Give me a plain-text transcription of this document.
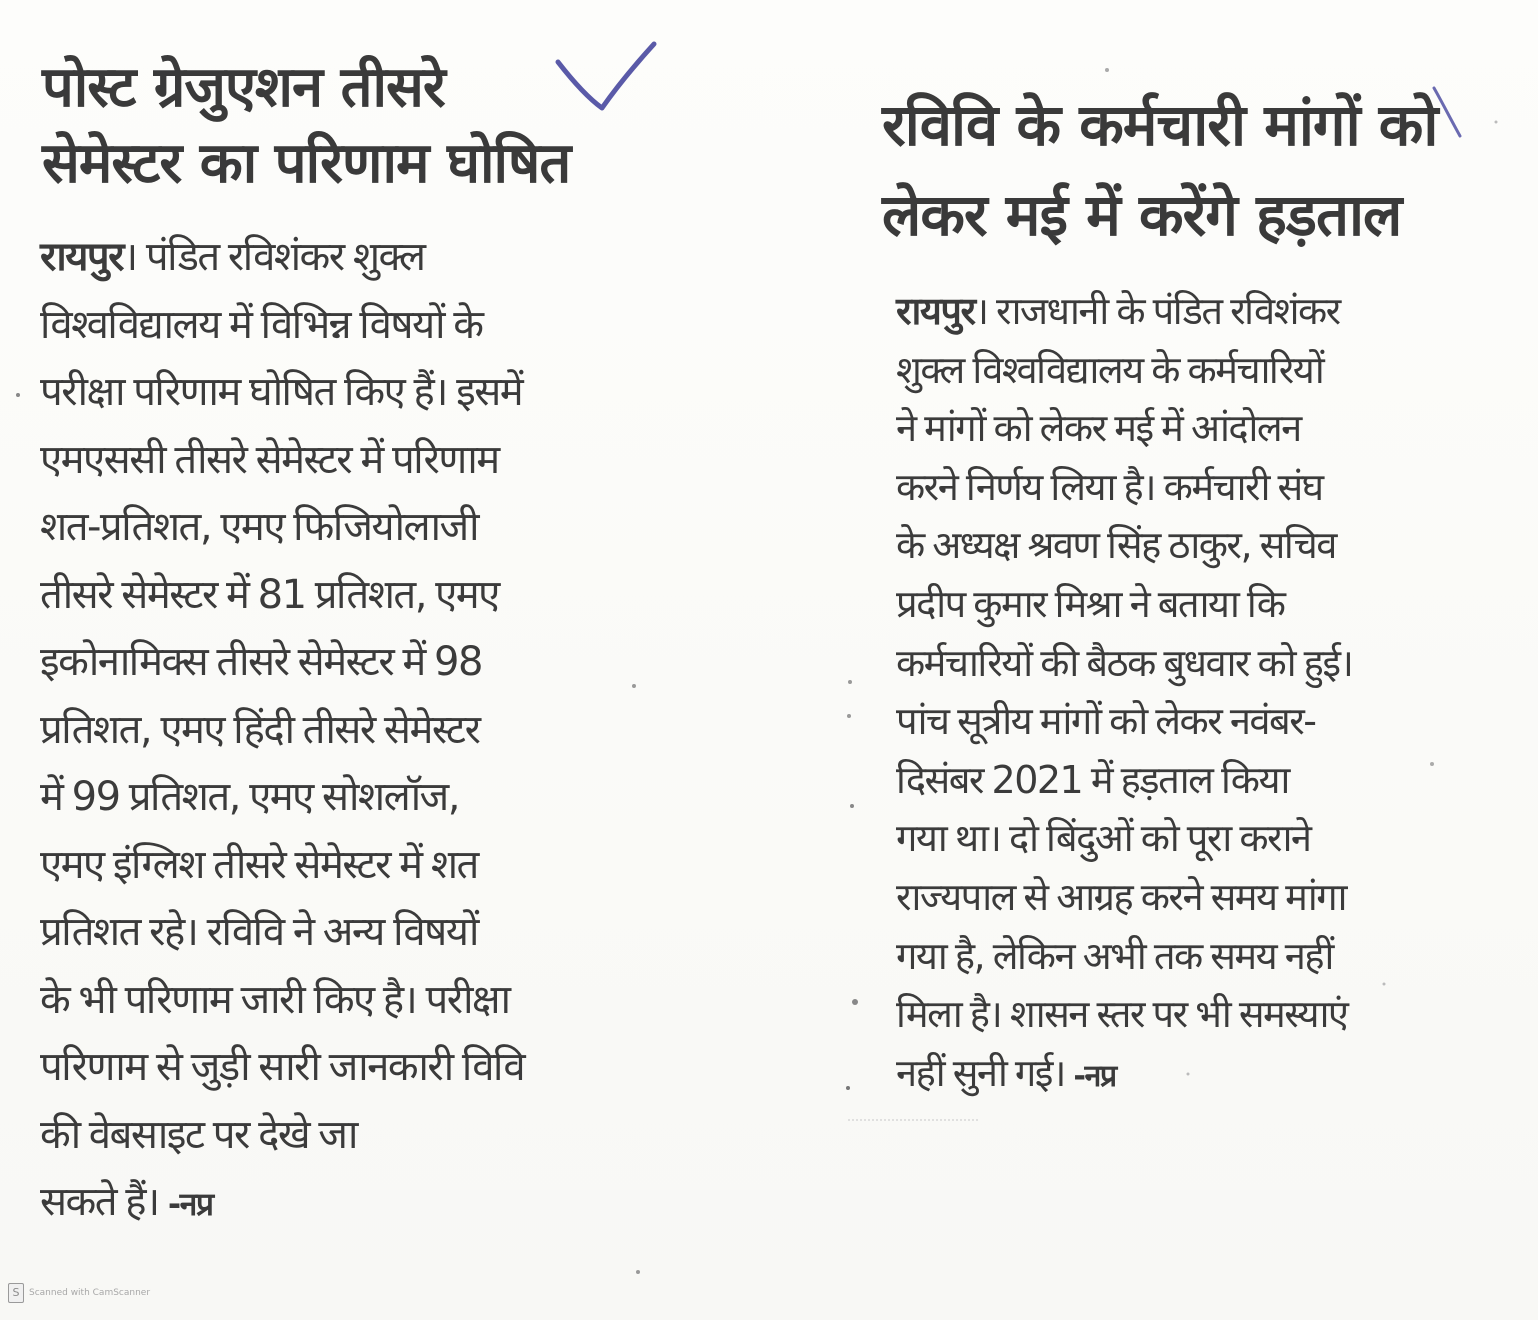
पोस्ट ग्रेजुएशन तीसरे
सेमेस्टर का परिणाम घोषित

रायपुर। पंडित रविशंकर शुक्ल
विश्वविद्यालय में विभिन्न विषयों के
परीक्षा परिणाम घोषित किए हैं। इसमें
एमएससी तीसरे सेमेस्टर में परिणाम
शत-प्रतिशत, एमए फिजियोलाजी
तीसरे सेमेस्टर में 81 प्रतिशत, एमए
इकोनामिक्स तीसरे सेमेस्टर में 98
प्रतिशत, एमए हिंदी तीसरे सेमेस्टर
में 99 प्रतिशत, एमए सोशलॉज,
एमए इंग्लिश तीसरे सेमेस्टर में शत
प्रतिशत रहे। रविवि ने अन्य विषयों
के भी परिणाम जारी किए है। परीक्षा
परिणाम से जुड़ी सारी जानकारी विवि
की वेबसाइट पर देखे जा
सकते हैं। -नप्र

रविवि के कर्मचारी मांगों को
लेकर मई में करेंगे हड़ताल

रायपुर। राजधानी के पंडित रविशंकर
शुक्ल विश्वविद्यालय के कर्मचारियों
ने मांगों को लेकर मई में आंदोलन
करने निर्णय लिया है। कर्मचारी संघ
के अध्यक्ष श्रवण सिंह ठाकुर, सचिव
प्रदीप कुमार मिश्रा ने बताया कि
कर्मचारियों की बैठक बुधवार को हुई।
पांच सूत्रीय मांगों को लेकर नवंबर-
दिसंबर 2021 में हड़ताल किया
गया था। दो बिंदुओं को पूरा कराने
राज्यपाल से आग्रह करने समय मांगा
गया है, लेकिन अभी तक समय नहीं
मिला है। शासन स्तर पर भी समस्याएं
नहीं सुनी गई। -नप्र

S	Scanned with CamScanner
